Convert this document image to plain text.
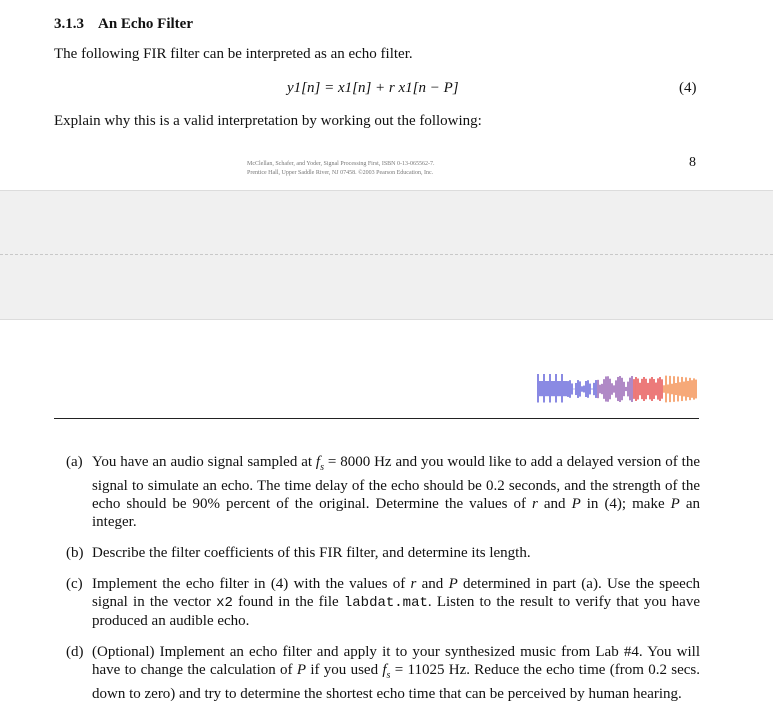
3.1.3 An Echo Filter
The following FIR filter can be interpreted as an echo filter.
y1[n] = x1[n] + r x1[n − P]	(4)
Explain why this is a valid interpretation by working out the following:
McClellan, Schafer, and Yoder, Signal Processing First, ISBN 0-13-065562-7.
Prentice Hall, Upper Saddle River, NJ 07458. ©2003 Pearson Education, Inc.
8
(a) You have an audio signal sampled at $f_s = 8000$ Hz and you would like to add a delayed version of the signal to simulate an echo. The time delay of the echo should be 0.2 seconds, and the strength of the echo should be 90% percent of the original. Determine the values of r and P in (4); make P an integer.
(b) Describe the filter coefficients of this FIR filter, and determine its length.
(c) Implement the echo filter in (4) with the values of r and P determined in part (a). Use the speech signal in the vector x2 found in the file labdat.mat. Listen to the result to verify that you have produced an audible echo.
(d) (Optional) Implement an echo filter and apply it to your synthesized music from Lab #4. You will have to change the calculation of P if you used $f_s = 11025$ Hz. Reduce the echo time (from 0.2 secs. down to zero) and try to determine the shortest echo time that can be perceived by human hearing.
